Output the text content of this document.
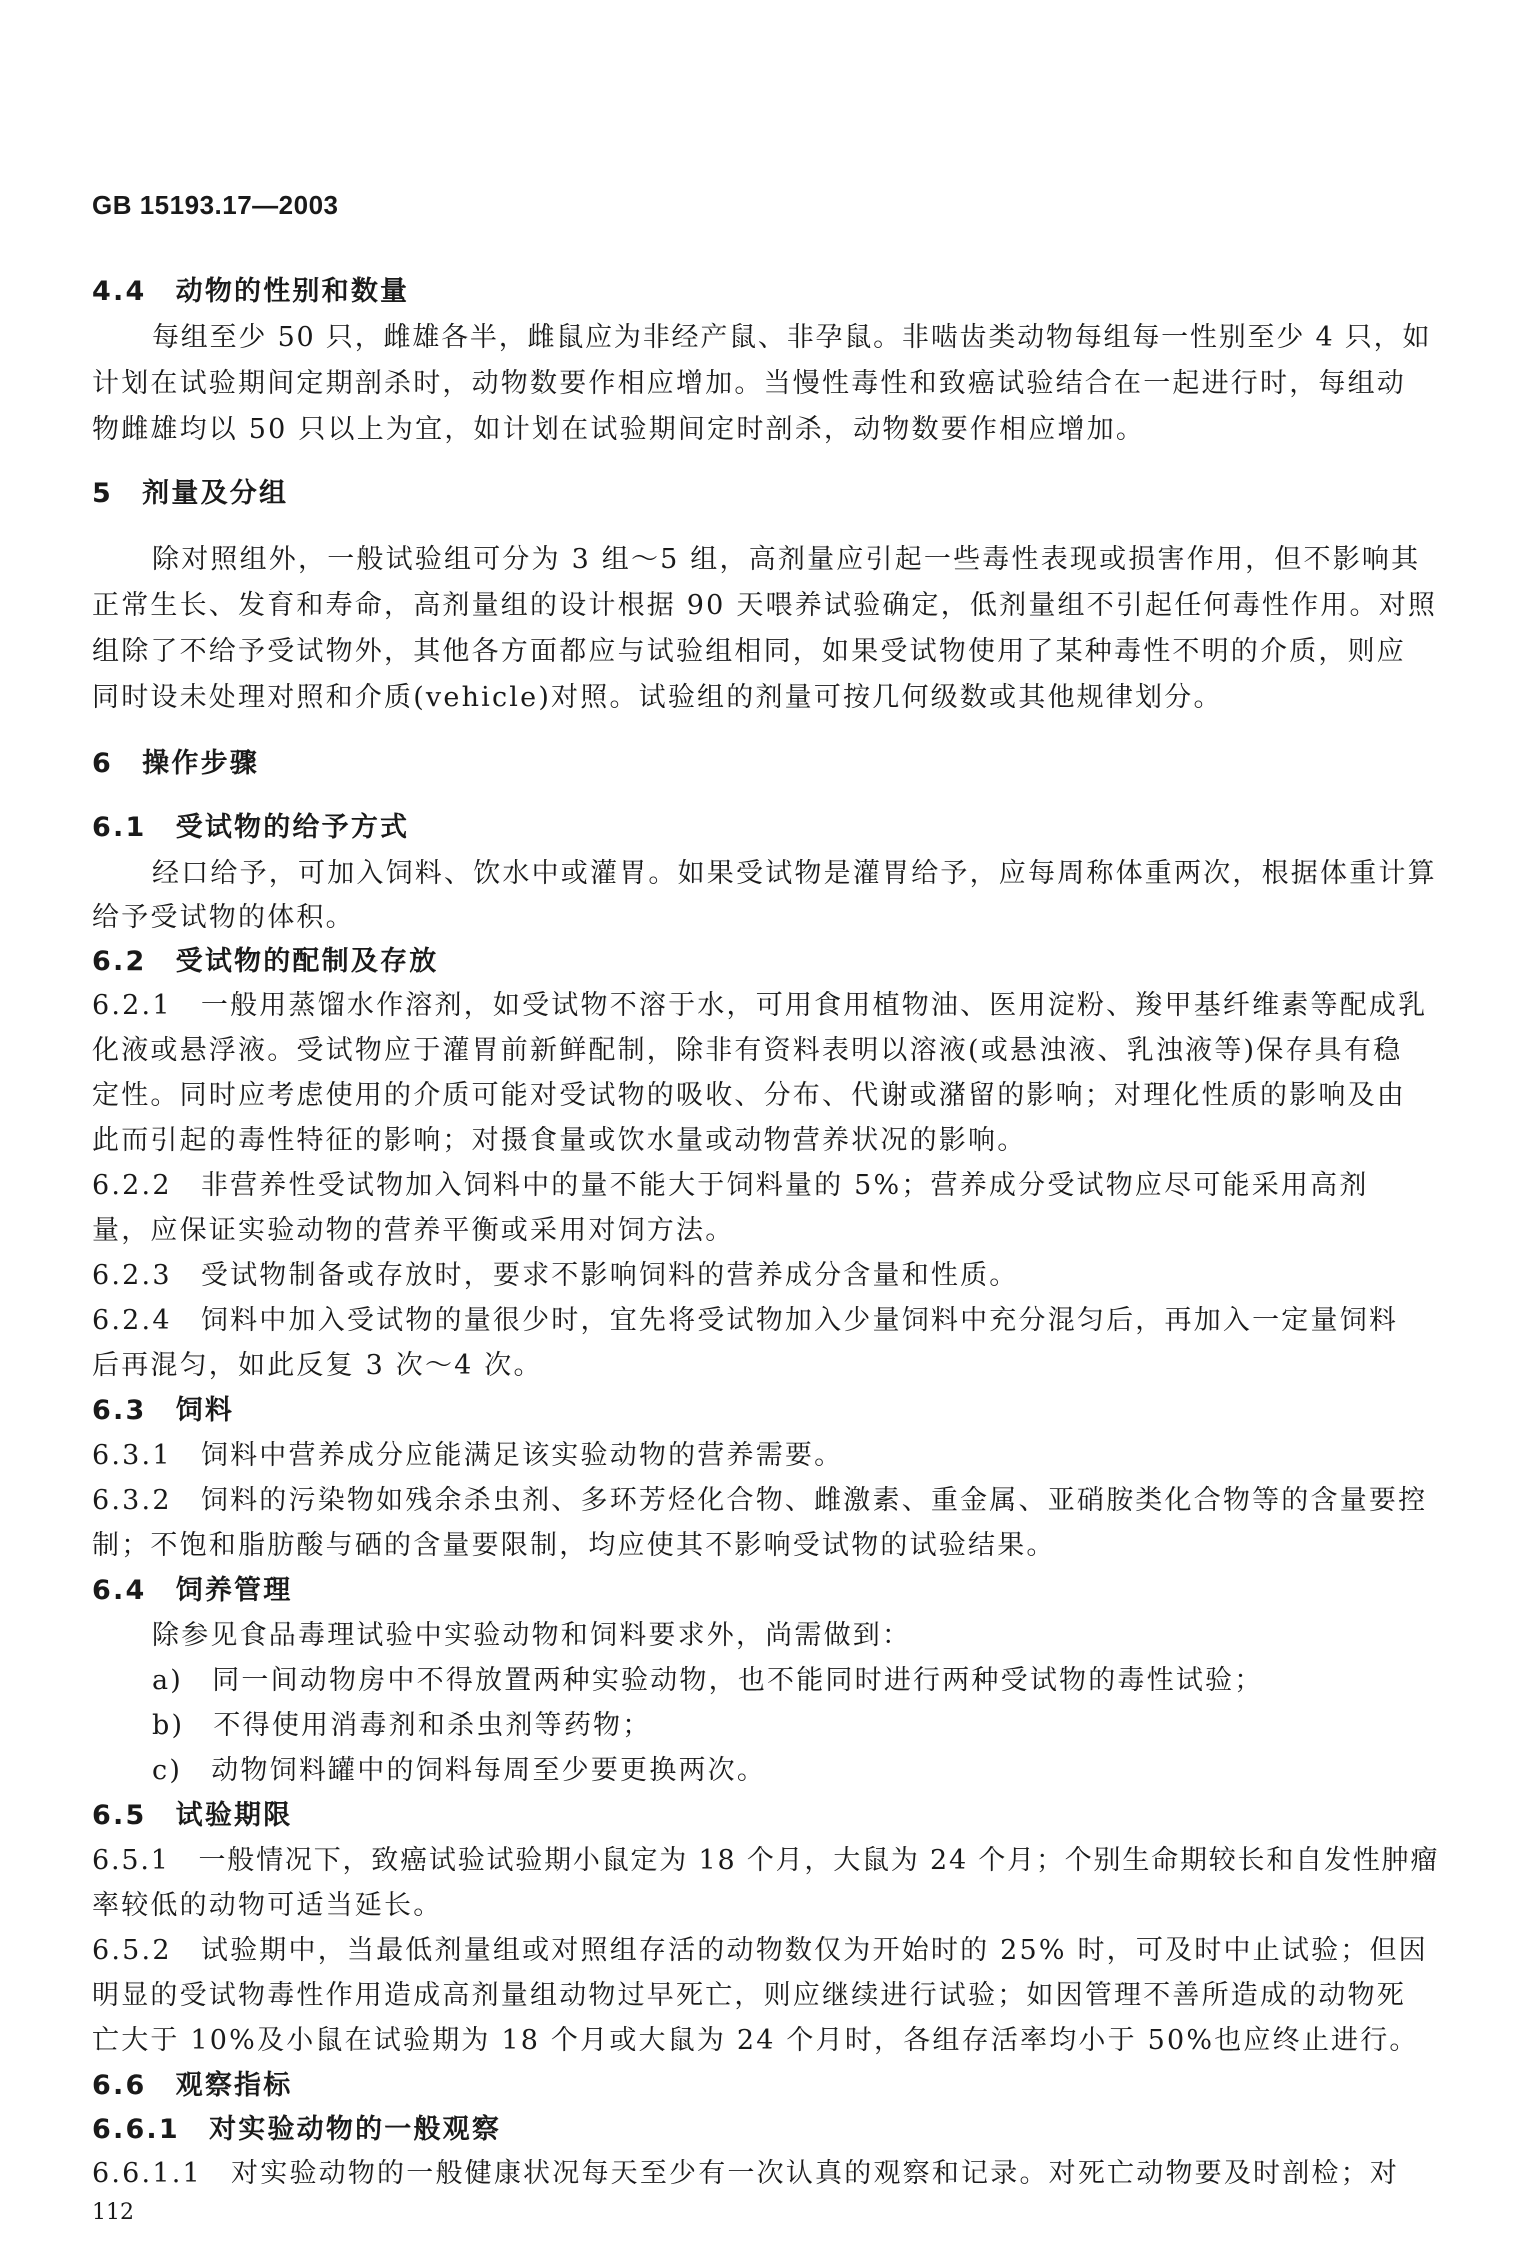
GB 15193.17—2003
4.4　动物的性别和数量
每组至少 50 只，雌雄各半，雌鼠应为非经产鼠、非孕鼠。非啮齿类动物每组每一性别至少 4 只，如
计划在试验期间定期剖杀时，动物数要作相应增加。当慢性毒性和致癌试验结合在一起进行时，每组动
物雌雄均以 50 只以上为宜，如计划在试验期间定时剖杀，动物数要作相应增加。
5　剂量及分组
除对照组外，一般试验组可分为 3 组～5 组，高剂量应引起一些毒性表现或损害作用，但不影响其
正常生长、发育和寿命，高剂量组的设计根据 90 天喂养试验确定，低剂量组不引起任何毒性作用。对照
组除了不给予受试物外，其他各方面都应与试验组相同，如果受试物使用了某种毒性不明的介质，则应
同时设未处理对照和介质(vehicle)对照。试验组的剂量可按几何级数或其他规律划分。
6　操作步骤
6.1　受试物的给予方式
经口给予，可加入饲料、饮水中或灌胃。如果受试物是灌胃给予，应每周称体重两次，根据体重计算
给予受试物的体积。
6.2　受试物的配制及存放
6.2.1　一般用蒸馏水作溶剂，如受试物不溶于水，可用食用植物油、医用淀粉、羧甲基纤维素等配成乳
化液或悬浮液。受试物应于灌胃前新鲜配制，除非有资料表明以溶液(或悬浊液、乳浊液等)保存具有稳
定性。同时应考虑使用的介质可能对受试物的吸收、分布、代谢或潴留的影响；对理化性质的影响及由
此而引起的毒性特征的影响；对摄食量或饮水量或动物营养状况的影响。
6.2.2　非营养性受试物加入饲料中的量不能大于饲料量的 5%；营养成分受试物应尽可能采用高剂
量，应保证实验动物的营养平衡或采用对饲方法。
6.2.3　受试物制备或存放时，要求不影响饲料的营养成分含量和性质。
6.2.4　饲料中加入受试物的量很少时，宜先将受试物加入少量饲料中充分混匀后，再加入一定量饲料
后再混匀，如此反复 3 次～4 次。
6.3　饲料
6.3.1　饲料中营养成分应能满足该实验动物的营养需要。
6.3.2　饲料的污染物如残余杀虫剂、多环芳烃化合物、雌激素、重金属、亚硝胺类化合物等的含量要控
制；不饱和脂肪酸与硒的含量要限制，均应使其不影响受试物的试验结果。
6.4　饲养管理
除参见食品毒理试验中实验动物和饲料要求外，尚需做到：
a)　同一间动物房中不得放置两种实验动物，也不能同时进行两种受试物的毒性试验；
b)　不得使用消毒剂和杀虫剂等药物；
c)　动物饲料罐中的饲料每周至少要更换两次。
6.5　试验期限
6.5.1　一般情况下，致癌试验试验期小鼠定为 18 个月，大鼠为 24 个月；个别生命期较长和自发性肿瘤
率较低的动物可适当延长。
6.5.2　试验期中，当最低剂量组或对照组存活的动物数仅为开始时的 25% 时，可及时中止试验；但因
明显的受试物毒性作用造成高剂量组动物过早死亡，则应继续进行试验；如因管理不善所造成的动物死
亡大于 10%及小鼠在试验期为 18 个月或大鼠为 24 个月时，各组存活率均小于 50%也应终止进行。
6.6　观察指标
6.6.1　对实验动物的一般观察
6.6.1.1　对实验动物的一般健康状况每天至少有一次认真的观察和记录。对死亡动物要及时剖检；对
112
